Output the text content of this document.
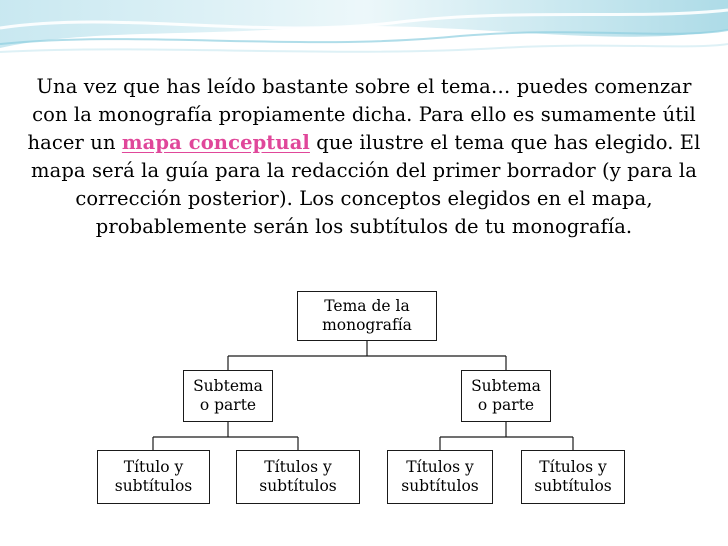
Una vez que has leído bastante sobre el tema… puedes comenzar
con la monografía propiamente dicha. Para ello es sumamente útil
hacer un mapa conceptual que ilustre el tema que has elegido. El
mapa será la guía para la redacción del primer borrador (y para la
corrección posterior). Los conceptos elegidos en el mapa,
probablemente serán los subtítulos de tu monografía.
Tema de la
monografía
Subtema
o parte
Subtema
o parte
Título y
subtítulos
Títulos y
subtítulos
Títulos y
subtítulos
Títulos y
subtítulos
